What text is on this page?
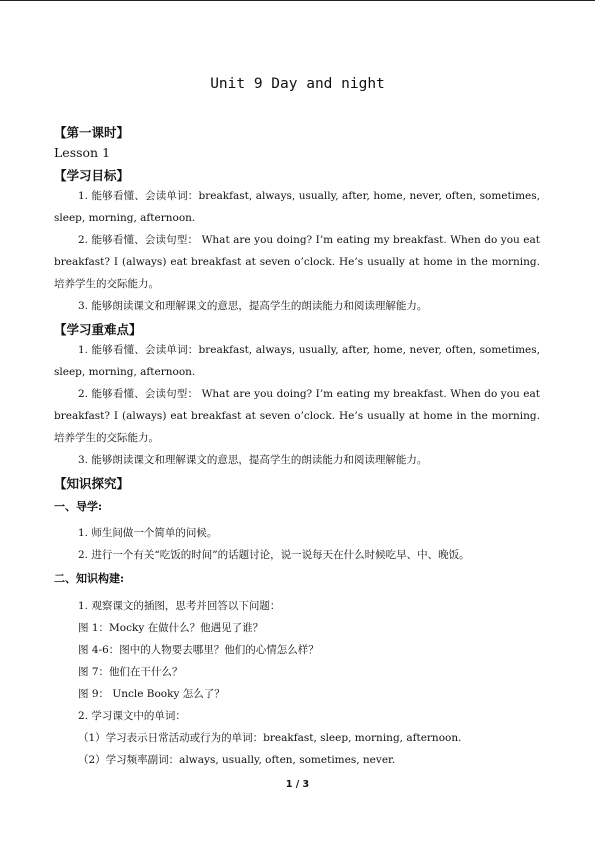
Unit 9 Day and night
【第一课时】
Lesson 1
【学习目标】
1. 能够看懂、会读单词：breakfast, always, usually, after, home, never, often, sometimes, sleep, morning, afternoon.
2. 能够看懂、会读句型： What are you doing? I’m eating my breakfast. When do you eat breakfast? I (always) eat breakfast at seven o’clock. He’s usually at home in the morning.培养学生的交际能力。
3. 能够朗读课文和理解课文的意思，提高学生的朗读能力和阅读理解能力。
【学习重难点】
1. 能够看懂、会读单词：breakfast, always, usually, after, home, never, often, sometimes, sleep, morning, afternoon.
2. 能够看懂、会读句型： What are you doing? I’m eating my breakfast. When do you eat breakfast? I (always) eat breakfast at seven o’clock. He’s usually at home in the morning.培养学生的交际能力。
3. 能够朗读课文和理解课文的意思，提高学生的朗读能力和阅读理解能力。
【知识探究】
一、导学:
1. 师生间做一个简单的问候。
2. 进行一个有关“吃饭的时间”的话题讨论，说一说每天在什么时候吃早、中、晚饭。
二、知识构建:
1. 观察课文的插图，思考并回答以下问题：
图 1：Mocky 在做什么？他遇见了谁？
图 4-6：图中的人物要去哪里？他们的心情怎么样？
图 7：他们在干什么？
图 9： Uncle Booky 怎么了？
2. 学习课文中的单词：
（1）学习表示日常活动或行为的单词：breakfast, sleep, morning, afternoon.
（2）学习频率副词：always, usually, often, sometimes, never.
1 / 3
